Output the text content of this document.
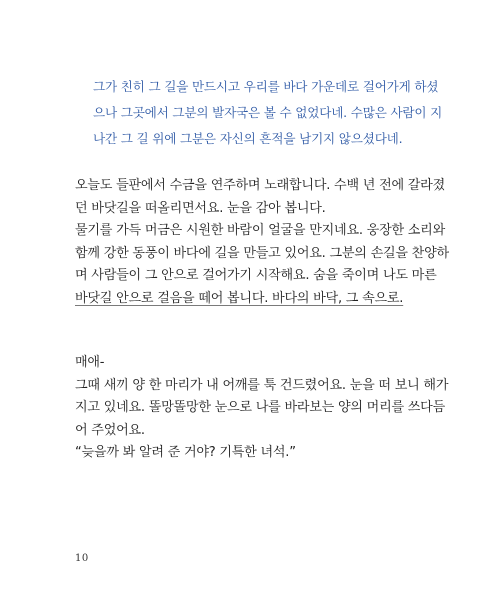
그가 친히 그 길을 만드시고 우리를 바다 가운데로 걸어가게 하셨
으나 그곳에서 그분의 발자국은 볼 수 없었다네. 수많은 사람이 지
나간 그 길 위에 그분은 자신의 흔적을 남기지 않으셨다네.
오늘도 들판에서 수금을 연주하며 노래합니다. 수백 년 전에 갈라졌
던 바닷길을 떠올리면서요. 눈을 감아 봅니다.
물기를 가득 머금은 시원한 바람이 얼굴을 만지네요. 웅장한 소리와
함께 강한 동풍이 바다에 길을 만들고 있어요. 그분의 손길을 찬양하
며 사람들이 그 안으로 걸어가기 시작해요. 숨을 죽이며 나도 마른
바닷길 안으로 걸음을 떼어 봅니다. 바다의 바닥, 그 속으로.
매애-
그때 새끼 양 한 마리가 내 어깨를 툭 건드렸어요. 눈을 떠 보니 해가
지고 있네요. 똘망똘망한 눈으로 나를 바라보는 양의 머리를 쓰다듬
어 주었어요.
“늦을까 봐 알려 준 거야? 기특한 녀석.”
10
